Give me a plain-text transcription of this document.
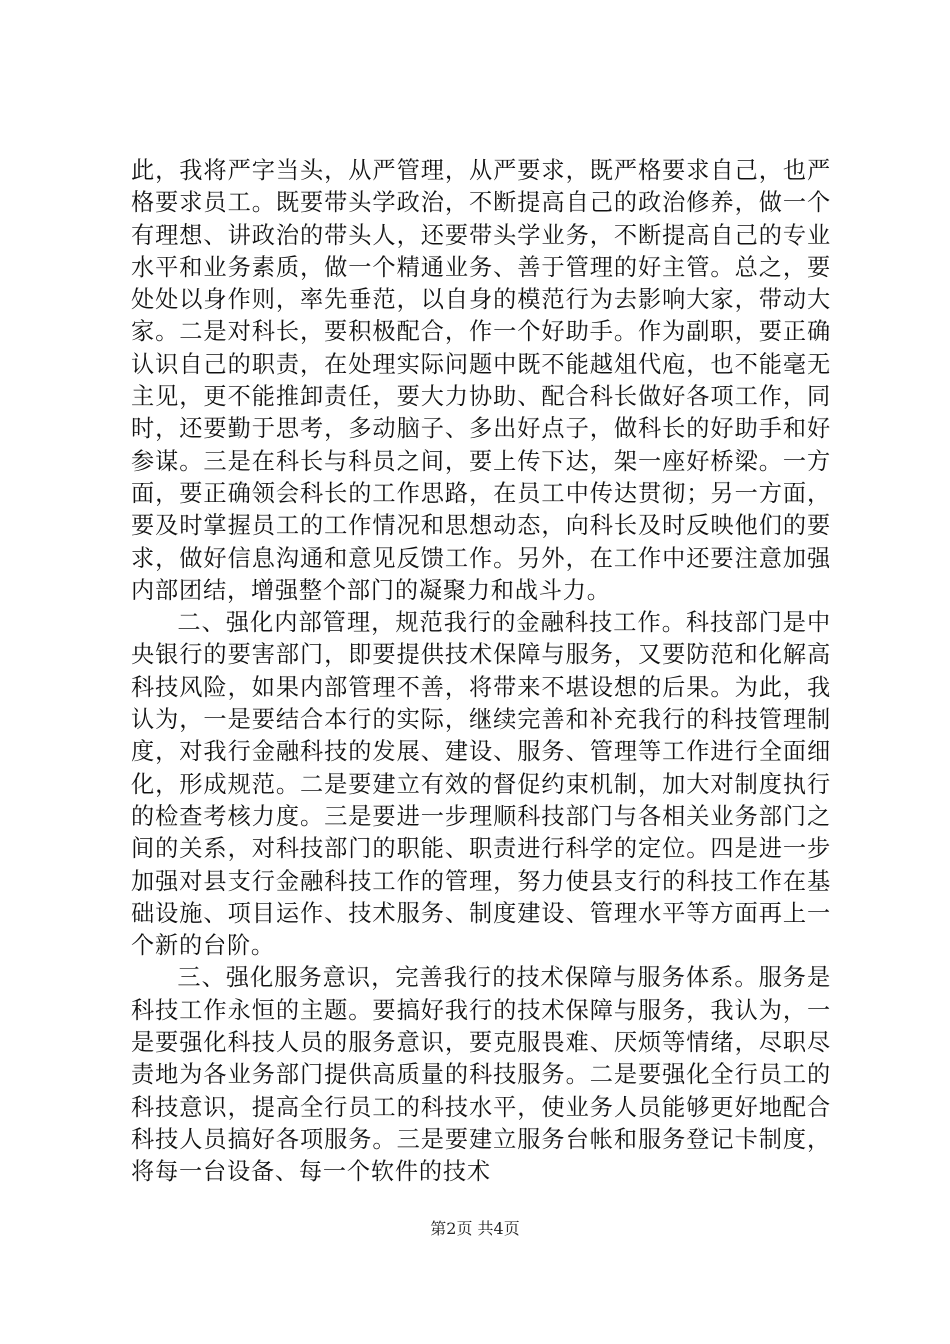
此，我将严字当头，从严管理，从严要求，既严格要求自己，也严格要求员工。既要带头学政治，不断提高自己的政治修养，做一个有理想、讲政治的带头人，还要带头学业务，不断提高自己的专业水平和业务素质，做一个精通业务、善于管理的好主管。总之，要处处以身作则，率先垂范，以自身的模范行为去影响大家，带动大家。二是对科长，要积极配合，作一个好助手。作为副职，要正确认识自己的职责，在处理实际问题中既不能越俎代庖，也不能毫无主见，更不能推卸责任，要大力协助、配合科长做好各项工作，同时，还要勤于思考，多动脑子、多出好点子，做科长的好助手和好参谋。三是在科长与科员之间，要上传下达，架一座好桥梁。一方面，要正确领会科长的工作思路，在员工中传达贯彻；另一方面，要及时掌握员工的工作情况和思想动态，向科长及时反映他们的要求，做好信息沟通和意见反馈工作。另外，在工作中还要注意加强内部团结，增强整个部门的凝聚力和战斗力。

二、强化内部管理，规范我行的金融科技工作。科技部门是中央银行的要害部门，即要提供技术保障与服务，又要防范和化解高科技风险，如果内部管理不善，将带来不堪设想的后果。为此，我认为，一是要结合本行的实际，继续完善和补充我行的科技管理制度，对我行金融科技的发展、建设、服务、管理等工作进行全面细化，形成规范。二是要建立有效的督促约束机制，加大对制度执行的检查考核力度。三是要进一步理顺科技部门与各相关业务部门之间的关系，对科技部门的职能、职责进行科学的定位。四是进一步加强对县支行金融科技工作的管理，努力使县支行的科技工作在基础设施、项目运作、技术服务、制度建设、管理水平等方面再上一个新的台阶。

三、强化服务意识，完善我行的技术保障与服务体系。服务是科技工作永恒的主题。要搞好我行的技术保障与服务，我认为，一是要强化科技人员的服务意识，要克服畏难、厌烦等情绪，尽职尽责地为各业务部门提供高质量的科技服务。二是要强化全行员工的科技意识，提高全行员工的科技水平，使业务人员能够更好地配合科技人员搞好各项服务。三是要建立服务台帐和服务登记卡制度，将每一台设备、每一个软件的技术

第2页 共4页
